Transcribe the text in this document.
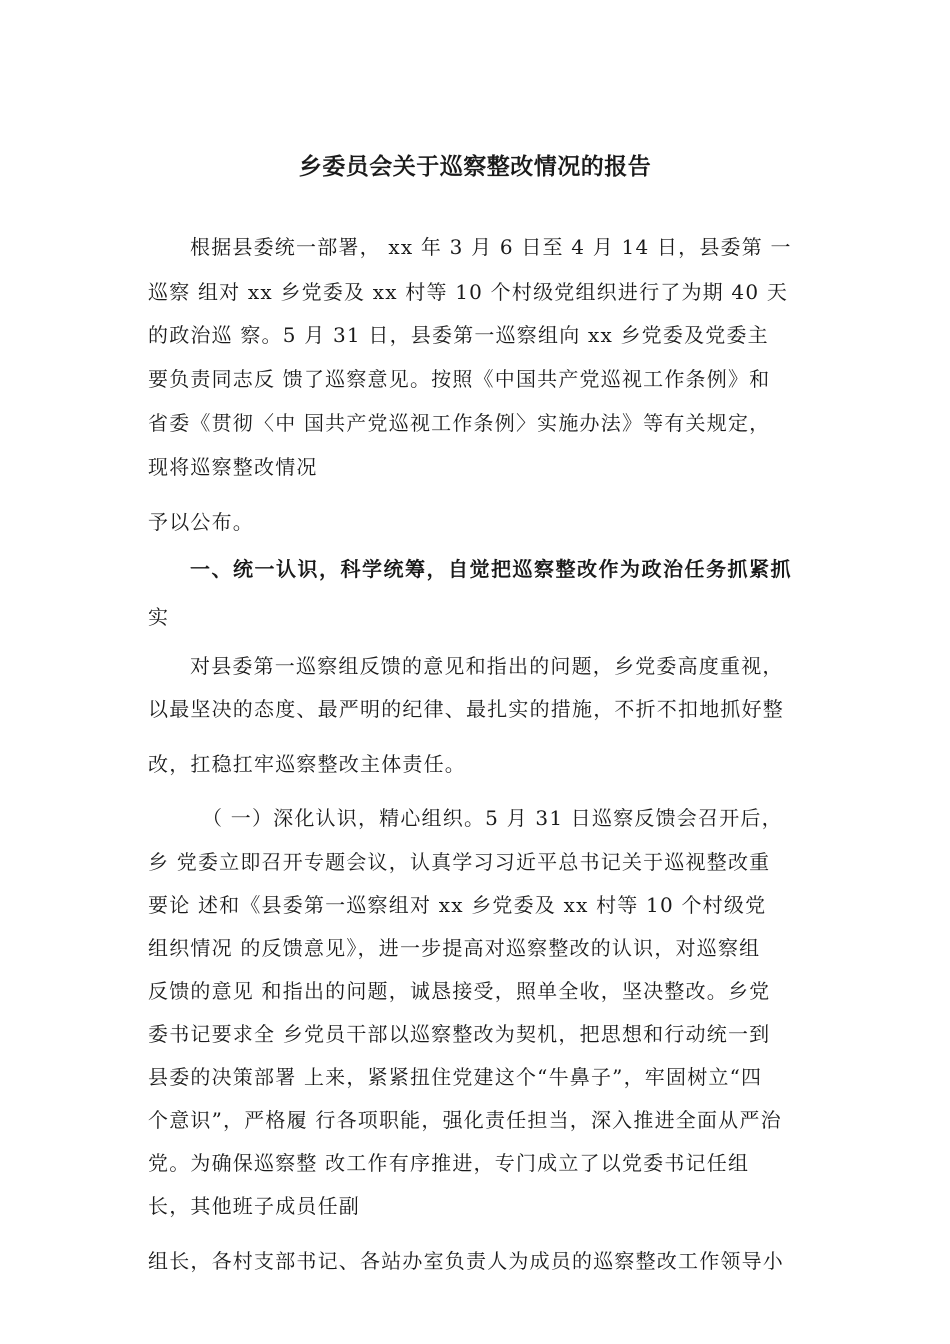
乡委员会关于巡察整改情况的报告
根据县委统一部署， xx 年 3 月 6 日至 4 月 14 日，县委第 一
巡察 组对 xx 乡党委及 xx 村等 10 个村级党组织进行了为期 40 天
的政治巡 察。5 月 31 日，县委第一巡察组向 xx 乡党委及党委主
要负责同志反 馈了巡察意见。按照《中国共产党巡视工作条例》和
省委《贯彻〈中 国共产党巡视工作条例〉实施办法》等有关规定，
现将巡察整改情况
予以公布。
一、统一认识，科学统筹，自觉把巡察整改作为政治任务抓紧抓
实
对县委第一巡察组反馈的意见和指出的问题，乡党委高度重视，
以最坚决的态度、最严明的纪律、最扎实的措施，不折不扣地抓好整
改，扛稳扛牢巡察整改主体责任。
（ 一）深化认识，精心组织。5 月 31 日巡察反馈会召开后，
乡 党委立即召开专题会议，认真学习习近平总书记关于巡视整改重
要论 述和《县委第一巡察组对 xx 乡党委及 xx 村等 10 个村级党
组织情况 的反馈意见》，进一步提高对巡察整改的认识，对巡察组
反馈的意见 和指出的问题，诚恳接受，照单全收，坚决整改。乡党
委书记要求全 乡党员干部以巡察整改为契机，把思想和行动统一到
县委的决策部署 上来，紧紧扭住党建这个“牛鼻子”，牢固树立“四
个意识”，严格履 行各项职能，强化责任担当，深入推进全面从严治
党。为确保巡察整 改工作有序推进，专门成立了以党委书记任组
长，其他班子成员任副
组长，各村支部书记、各站办室负责人为成员的巡察整改工作领导小
